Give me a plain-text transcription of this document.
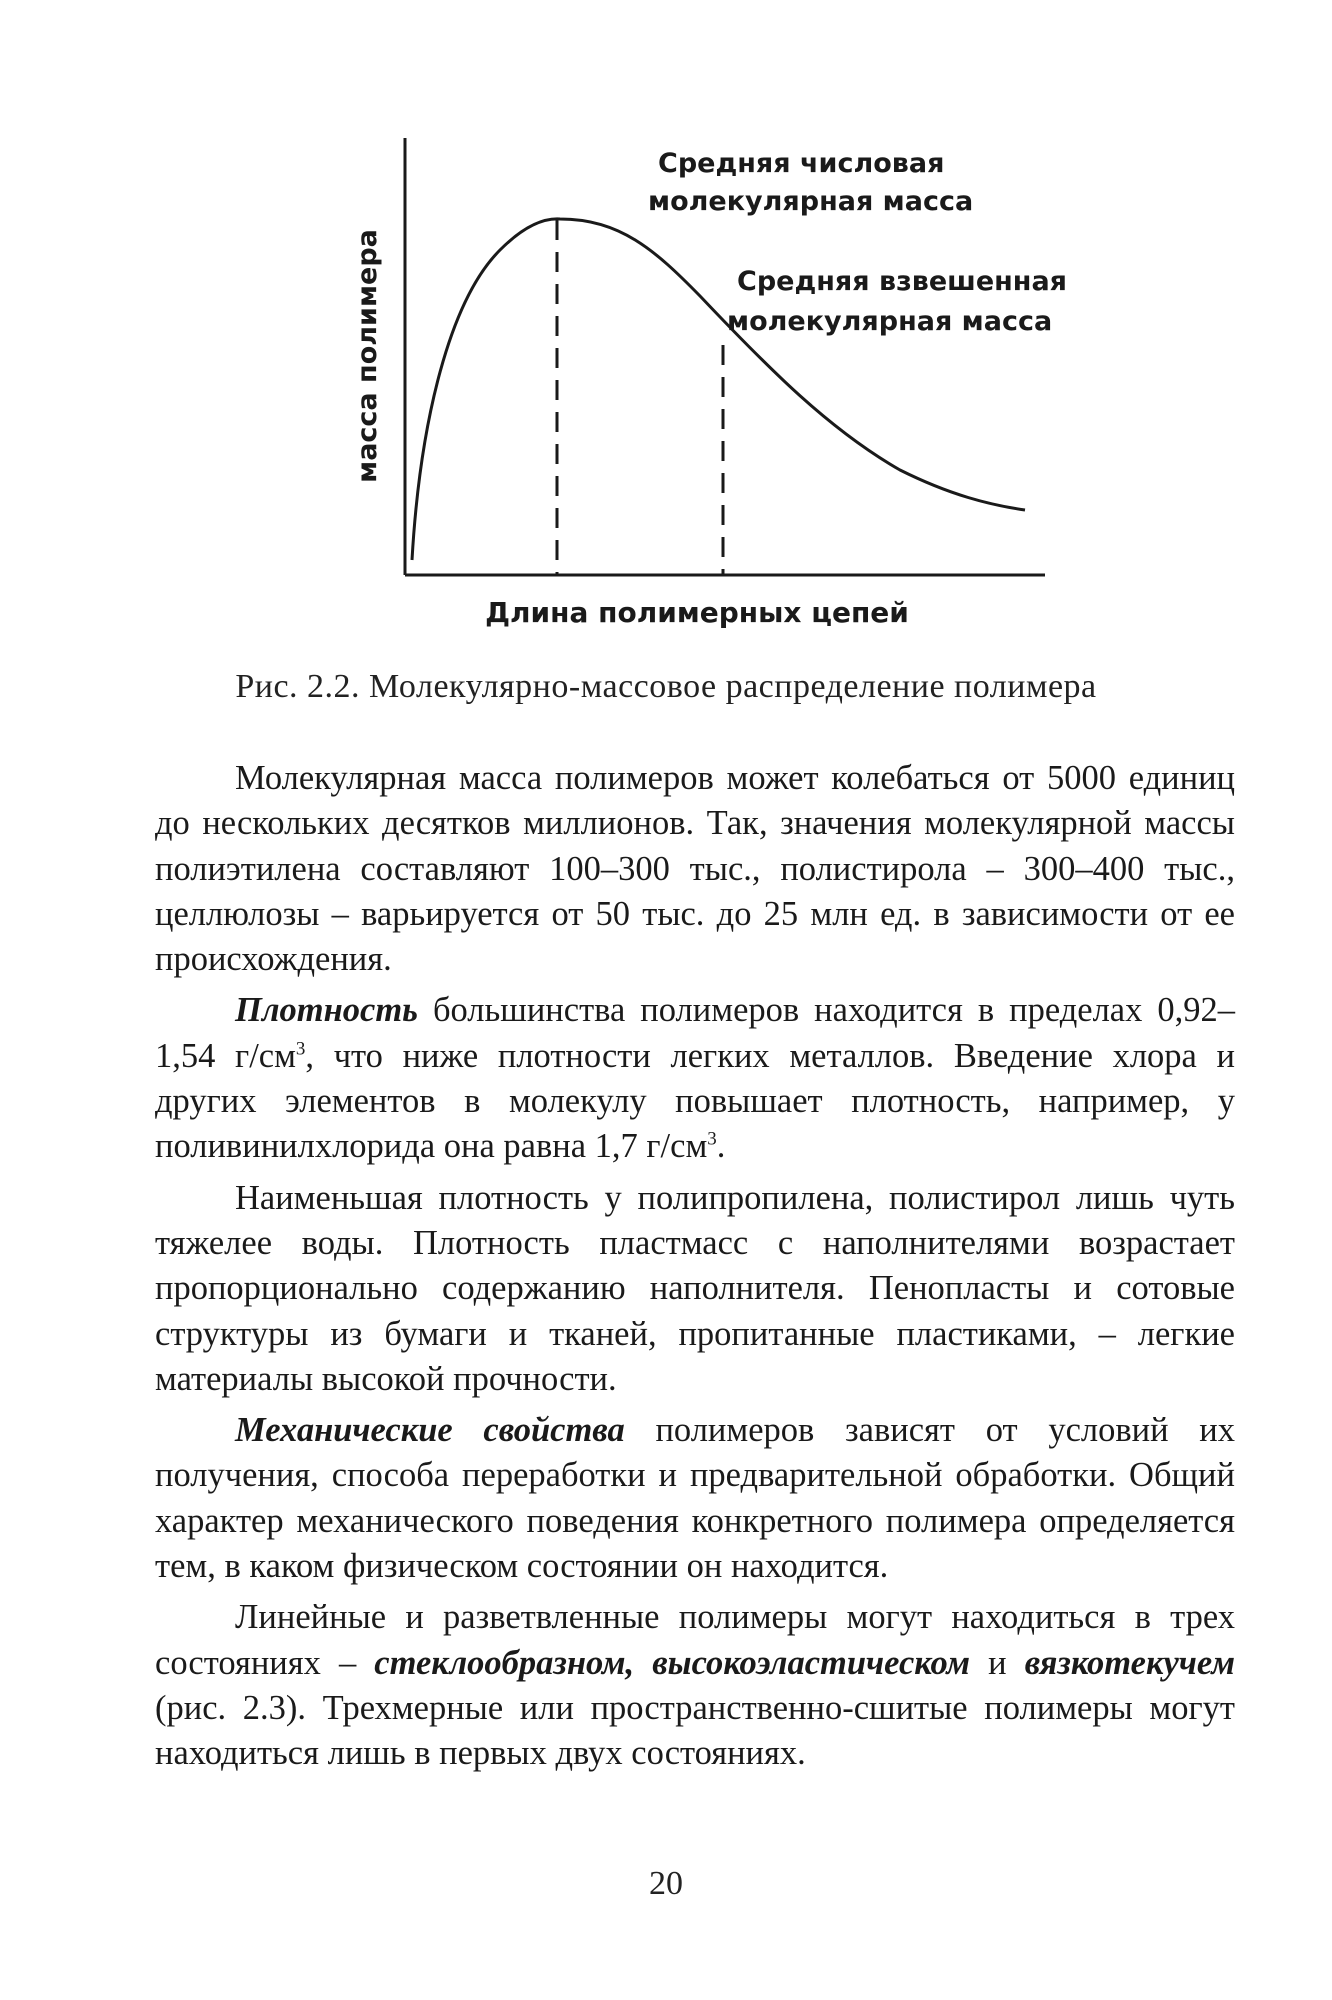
Средняя числовая
молекулярная масса
Средняя взвешенная
молекулярная масса
масса полимера
Длина полимерных цепей
Рис. 2.2. Молекулярно-массовое распределение полимера

Молекулярная масса полимеров может колебаться от 5000 единиц до нескольких десятков миллионов. Так, значения молекулярной массы полиэтилена составляют 100–300 тыс., полистирола – 300–400 тыс., целлюлозы – варьируется от 50 тыс. до 25 млн ед. в зависимости от ее происхождения.

Плотность большинства полимеров находится в пределах 0,92–1,54 $г/см^3$, что ниже плотности легких металлов. Введение хлора и других элементов в молекулу повышает плотность, например, у поливинилхлорида она равна 1,7 $г/см^3$.

Наименьшая плотность у полипропилена, полистирол лишь чуть тяжелее воды. Плотность пластмасс с наполнителями возрастает пропорционально содержанию наполнителя. Пенопласты и сотовые структуры из бумаги и тканей, пропитанные пластиками, – легкие материалы высокой прочности.

Механические свойства полимеров зависят от условий их получения, способа переработки и предварительной обработки. Общий характер механического поведения конкретного полимера определяется тем, в каком физическом состоянии он находится.

Линейные и разветвленные полимеры могут находиться в трех состояниях – стеклообразном, высокоэластическом и вязкотекучем (рис. 2.3). Трехмерные или пространственно-сшитые полимеры могут находиться лишь в первых двух состояниях.

20
